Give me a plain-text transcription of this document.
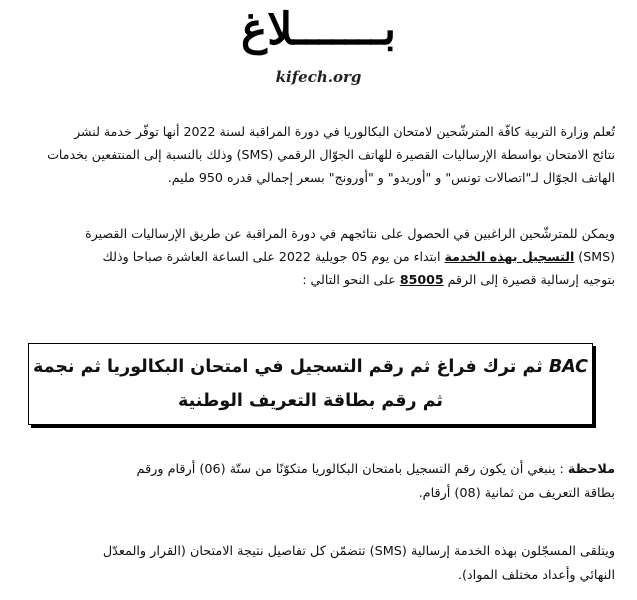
بـــــــلاغ
kifech.org
تُعلم وزارة التربية كافّة المترشّحين لامتحان البكالوريا في دورة المراقبة لسنة 2022 أنها توفّر خدمة لنشر
نتائج الامتحان بواسطة الإرساليات القصيرة للهاتف الجوّال الرقمي (SMS) وذلك بالنسبة إلى المنتفعين بخدمات
الهاتف الجوّال لـ"اتصالات تونس" و "أوريدو" و "أورونج" بسعر إجمالي قدره 950 مليم.
ويمكن للمترشّحين الراغبين في الحصول على نتائجهم في دورة المراقبة عن طريق الإرساليات القصيرة
(SMS) التسجيل بهذه الخدمة ابتداء من يوم 05 جويلية 2022 على الساعة العاشرة صباحا وذلك
بتوجيه إرسالية قصيرة إلى الرقم 85005 على النحو التالي :
BAC ثم ترك فراغ ثم رقم التسجيل في امتحان البكالوريا ثم نجمة
ثم رقم بطاقة التعريف الوطنية
ملاحظة : ينبغي أن يكون رقم التسجيل بامتحان البكالوريا متكوّنًا من ستّة (06) أرقام ورقم
بطاقة التعريف من ثمانية (08) أرقام.
ويتلقى المسجّلون بهذه الخدمة إرسالية (SMS) تتضمّن كل تفاصيل نتيجة الامتحان (القرار والمعدّل
النهائي وأعداد مختلف المواد).
